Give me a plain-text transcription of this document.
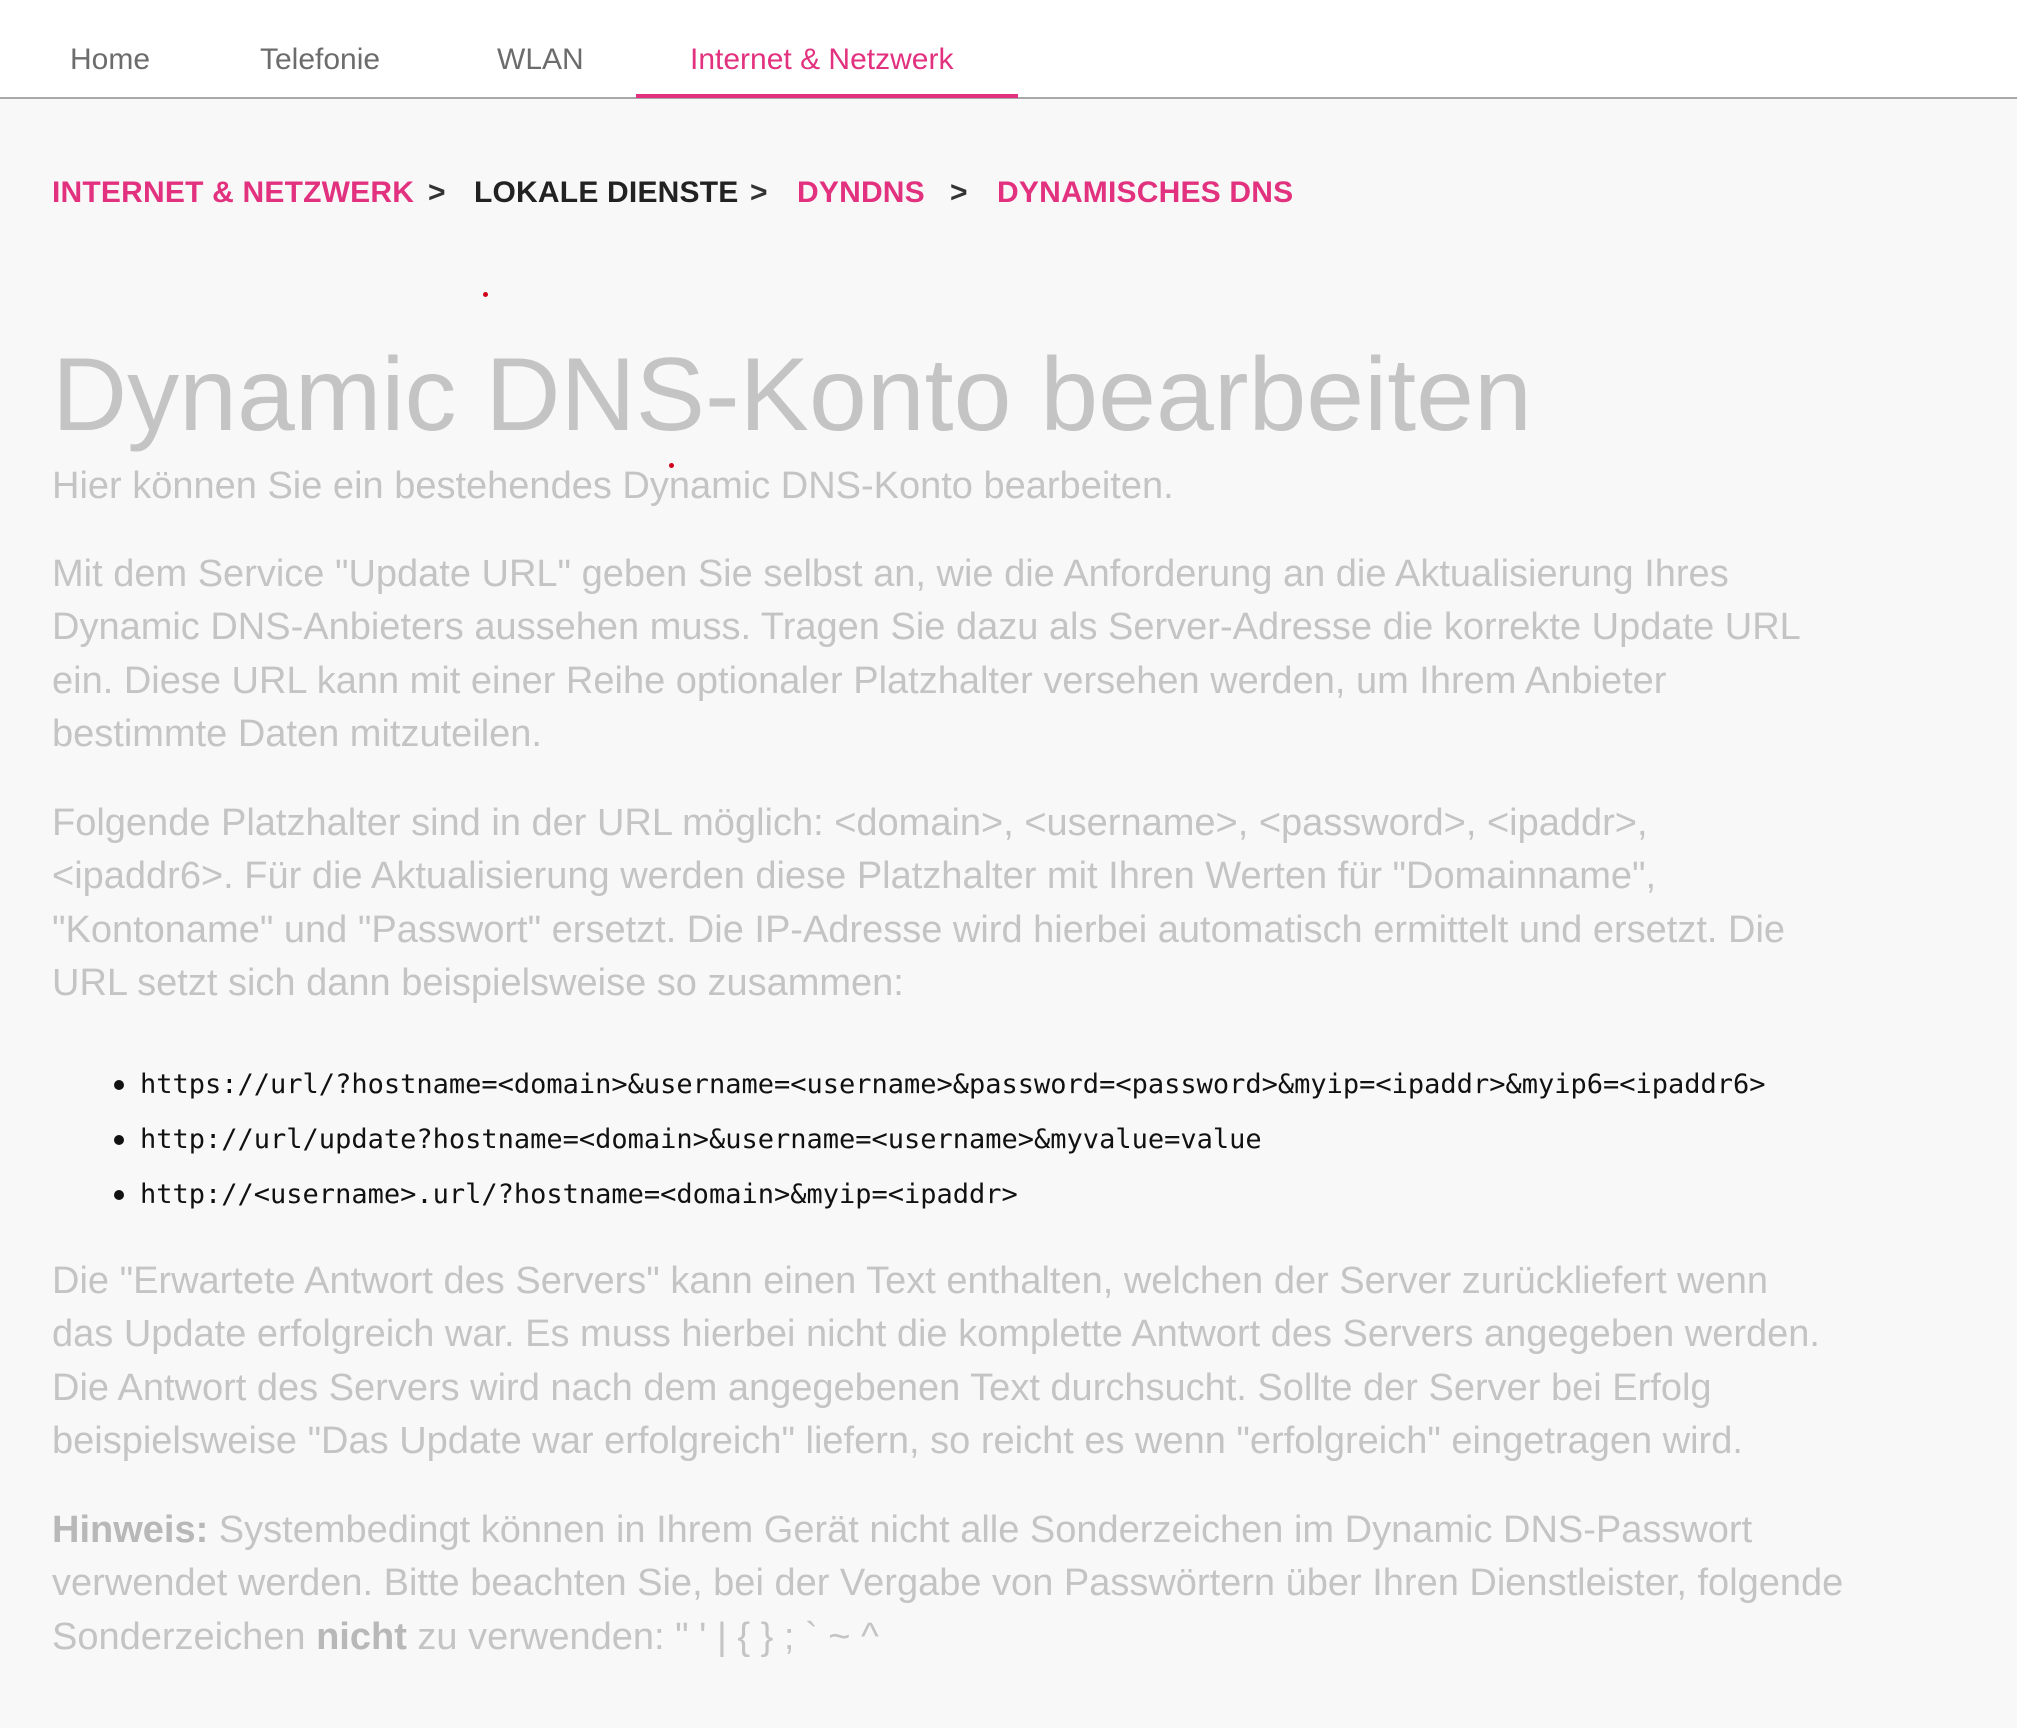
Home	Telefonie	WLAN	Internet & Netzwerk
INTERNET & NETZWERK > LOKALE DIENSTE > DYNDNS > DYNAMISCHES DNS
Dynamic DNS-Konto bearbeiten

Hier können Sie ein bestehendes Dynamic DNS-Konto bearbeiten.

Mit dem Service "Update URL" geben Sie selbst an, wie die Anforderung an die Aktualisierung Ihres Dynamic DNS-Anbieters aussehen muss. Tragen Sie dazu als Server-Adresse die korrekte Update URL ein. Diese URL kann mit einer Reihe optionaler Platzhalter versehen werden, um Ihrem Anbieter bestimmte Daten mitzuteilen.

Folgende Platzhalter sind in der URL möglich: <domain>, <username>, <password>, <ipaddr>, <ipaddr6>. Für die Aktualisierung werden diese Platzhalter mit Ihren Werten für "Domainname", "Kontoname" und "Passwort" ersetzt. Die IP-Adresse wird hierbei automatisch ermittelt und ersetzt. Die URL setzt sich dann beispielsweise so zusammen:

https://url/?hostname=<domain>&username=<username>&password=<password>&myip=<ipaddr>&myip6=<ipaddr6>
http://url/update?hostname=<domain>&username=<username>&myvalue=value
http://<username>.url/?hostname=<domain>&myip=<ipaddr>

Die "Erwartete Antwort des Servers" kann einen Text enthalten, welchen der Server zurückliefert wenn das Update erfolgreich war. Es muss hierbei nicht die komplette Antwort des Servers angegeben werden. Die Antwort des Servers wird nach dem angegebenen Text durchsucht. Sollte der Server bei Erfolg beispielsweise "Das Update war erfolgreich" liefern, so reicht es wenn "erfolgreich" eingetragen wird.

Hinweis: Systembedingt können in Ihrem Gerät nicht alle Sonderzeichen im Dynamic DNS-Passwort verwendet werden. Bitte beachten Sie, bei der Vergabe von Passwörtern über Ihren Dienstleister, folgende Sonderzeichen nicht zu verwenden: " ' | { } ; ` ~ ^
